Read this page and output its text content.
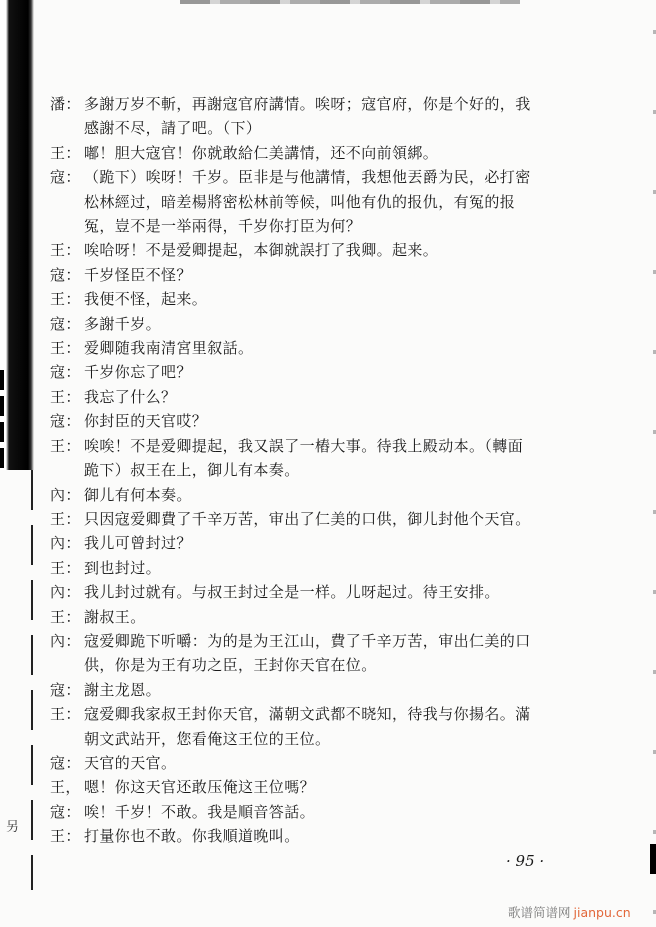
潘： 多謝万岁不斬，再謝寇官府講情。唉呀；寇官府，你是个好的，我
感謝不尽，請了吧。（下）
王： 嘟！胆大寇官！你就敢給仁美講情，还不向前領綁。
寇： （跪下）唉呀！千岁。臣非是与他講情，我想他丟爵为民，必打密
松林經过，暗差楊將密松林前等候，叫他有仇的报仇，有冤的报
冤，豈不是一举兩得，千岁你打臣为何？
王： 唉哈呀！不是爱卿提起，本御就誤打了我卿。起来。
寇： 千岁怪臣不怪？
王： 我便不怪，起来。
寇： 多謝千岁。
王： 爱卿随我南清宮里叙話。
寇： 千岁你忘了吧？
王： 我忘了什么？
寇： 你封臣的天官哎？
王： 唉唉！不是爱卿提起，我又誤了一樁大事。待我上殿动本。（轉面
跪下）叔王在上，御儿有本奏。
內： 御儿有何本奏。
王： 只因寇爱卿費了千辛万苦，审出了仁美的口供，御儿封他个天官。
內： 我儿可曾封过？
王： 到也封过。
內： 我儿封过就有。与叔王封过全是一样。儿呀起过。待王安排。
王： 謝叔王。
內： 寇爱卿跪下听嚼：为的是为王江山，費了千辛万苦，审出仁美的口
供，你是为王有功之臣，王封你天官在位。
寇： 謝主龙恩。
王： 寇爱卿我家叔王封你天官，滿朝文武都不晓知，待我与你揚名。滿
朝文武站开，您看俺这王位的王位。
寇： 天官的天官。
王， 嗯！你这天官还敢压俺这王位嗎？
寇： 唉！千岁！不敢。我是順音答話。
王： 打量你也不敢。你我順道晚叫。
另
· 95 ·
歌谱简谱网 jianpu.cn
